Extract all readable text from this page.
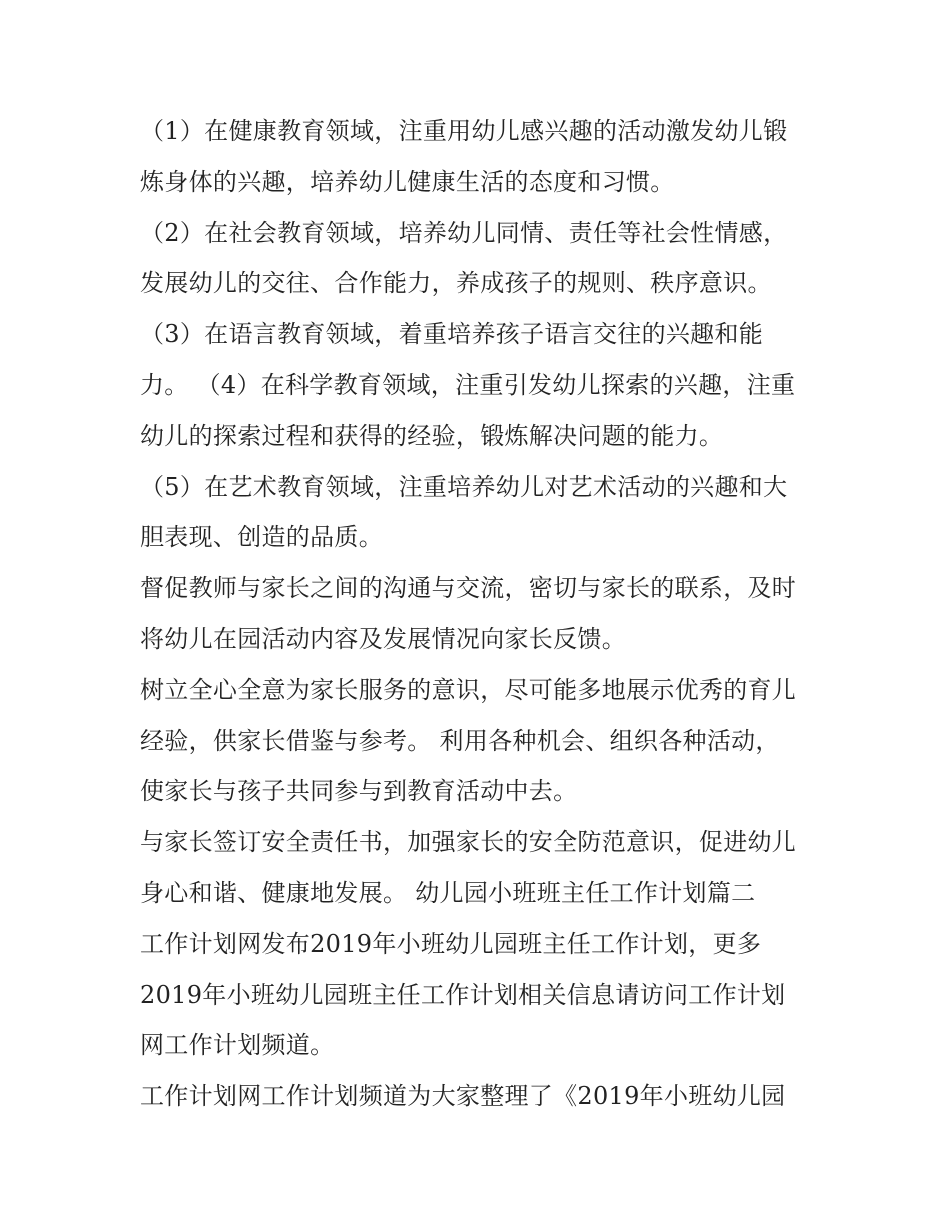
（1）在健康教育领域，注重用幼儿感兴趣的活动激发幼儿锻
炼身体的兴趣，培养幼儿健康生活的态度和习惯。
（2）在社会教育领域，培养幼儿同情、责任等社会性情感，
发展幼儿的交往、合作能力，养成孩子的规则、秩序意识。
（3）在语言教育领域，着重培养孩子语言交往的兴趣和能
力。 （4）在科学教育领域，注重引发幼儿探索的兴趣，注重
幼儿的探索过程和获得的经验，锻炼解决问题的能力。
（5）在艺术教育领域，注重培养幼儿对艺术活动的兴趣和大
胆表现、创造的品质。
督促教师与家长之间的沟通与交流，密切与家长的联系，及时
将幼儿在园活动内容及发展情况向家长反馈。
树立全心全意为家长服务的意识，尽可能多地展示优秀的育儿
经验，供家长借鉴与参考。 利用各种机会、组织各种活动，
使家长与孩子共同参与到教育活动中去。
与家长签订安全责任书，加强家长的安全防范意识，促进幼儿
身心和谐、健康地发展。 幼儿园小班班主任工作计划篇二
工作计划网发布2019年小班幼儿园班主任工作计划，更多
2019年小班幼儿园班主任工作计划相关信息请访问工作计划
网工作计划频道。
工作计划网工作计划频道为大家整理了《2019年小班幼儿园
